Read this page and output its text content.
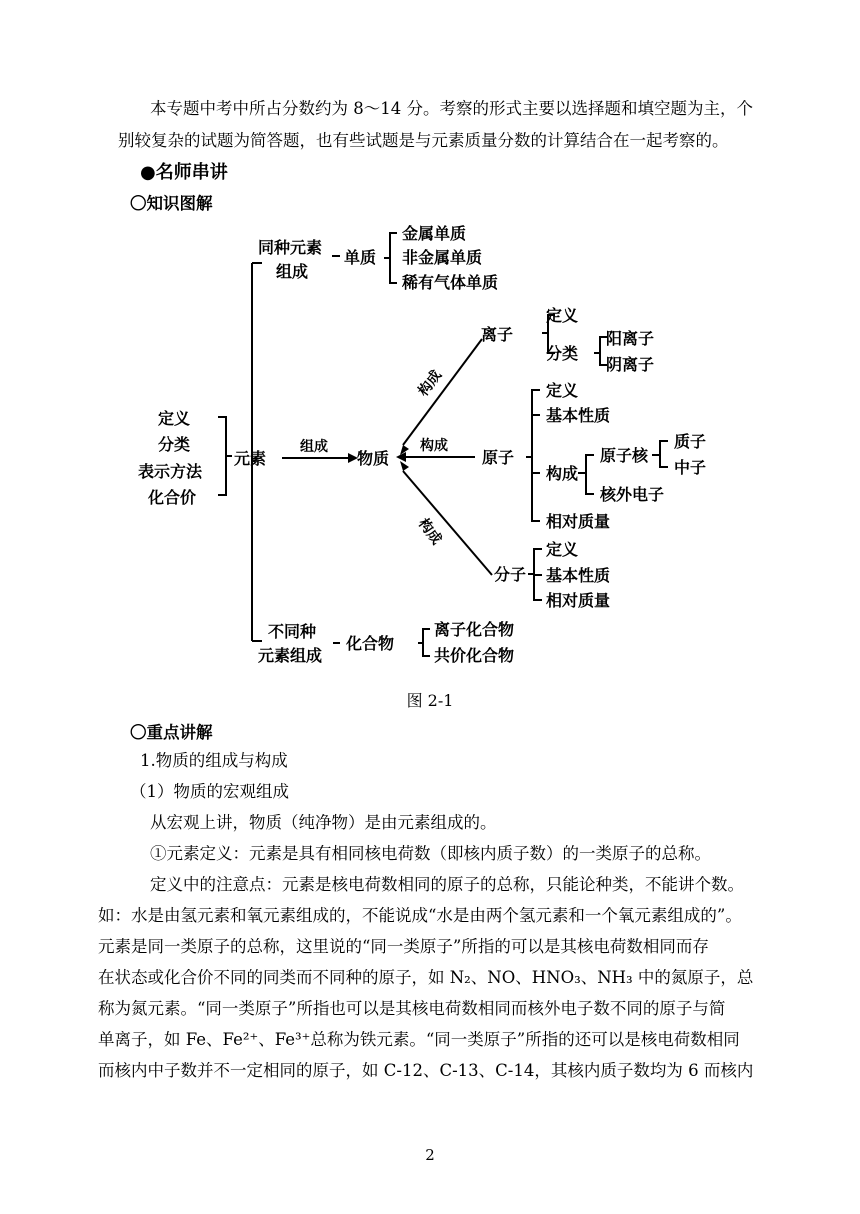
本专题中考中所占分数约为 8～14 分。考察的形式主要以选择题和填空题为主，个
别较复杂的试题为简答题，也有些试题是与元素质量分数的计算结合在一起考察的。
●名师串讲
〇知识图解
定义
分类
表示方法
化合价
元素
同种元素
组成
单质
金属单质
非金属单质
稀有气体单质
组成
物质
构成
构成
构成
离子
定义
分类
阳离子
阴离子
原子
定义
基本性质
构成
相对质量
原子核
核外电子
质子
中子
分子
定义
基本性质
相对质量
不同种
元素组成
化合物
离子化合物
共价化合物
图 2-1
〇重点讲解
1.物质的组成与构成
（1）物质的宏观组成
从宏观上讲，物质（纯净物）是由元素组成的。
①元素定义：元素是具有相同核电荷数（即核内质子数）的一类原子的总称。
定义中的注意点：元素是核电荷数相同的原子的总称，只能论种类，不能讲个数。
如：水是由氢元素和氧元素组成的，不能说成“水是由两个氢元素和一个氧元素组成的”。
元素是同一类原子的总称，这里说的“同一类原子”所指的可以是其核电荷数相同而存
在状态或化合价不同的同类而不同种的原子，如 N₂、NO、HNO₃、NH₃ 中的氮原子，总
称为氮元素。“同一类原子”所指也可以是其核电荷数相同而核外电子数不同的原子与简
单离子，如 Fe、Fe²⁺、Fe³⁺总称为铁元素。“同一类原子”所指的还可以是核电荷数相同
而核内中子数并不一定相同的原子，如 C-12、C-13、C-14，其核内质子数均为 6 而核内
2
